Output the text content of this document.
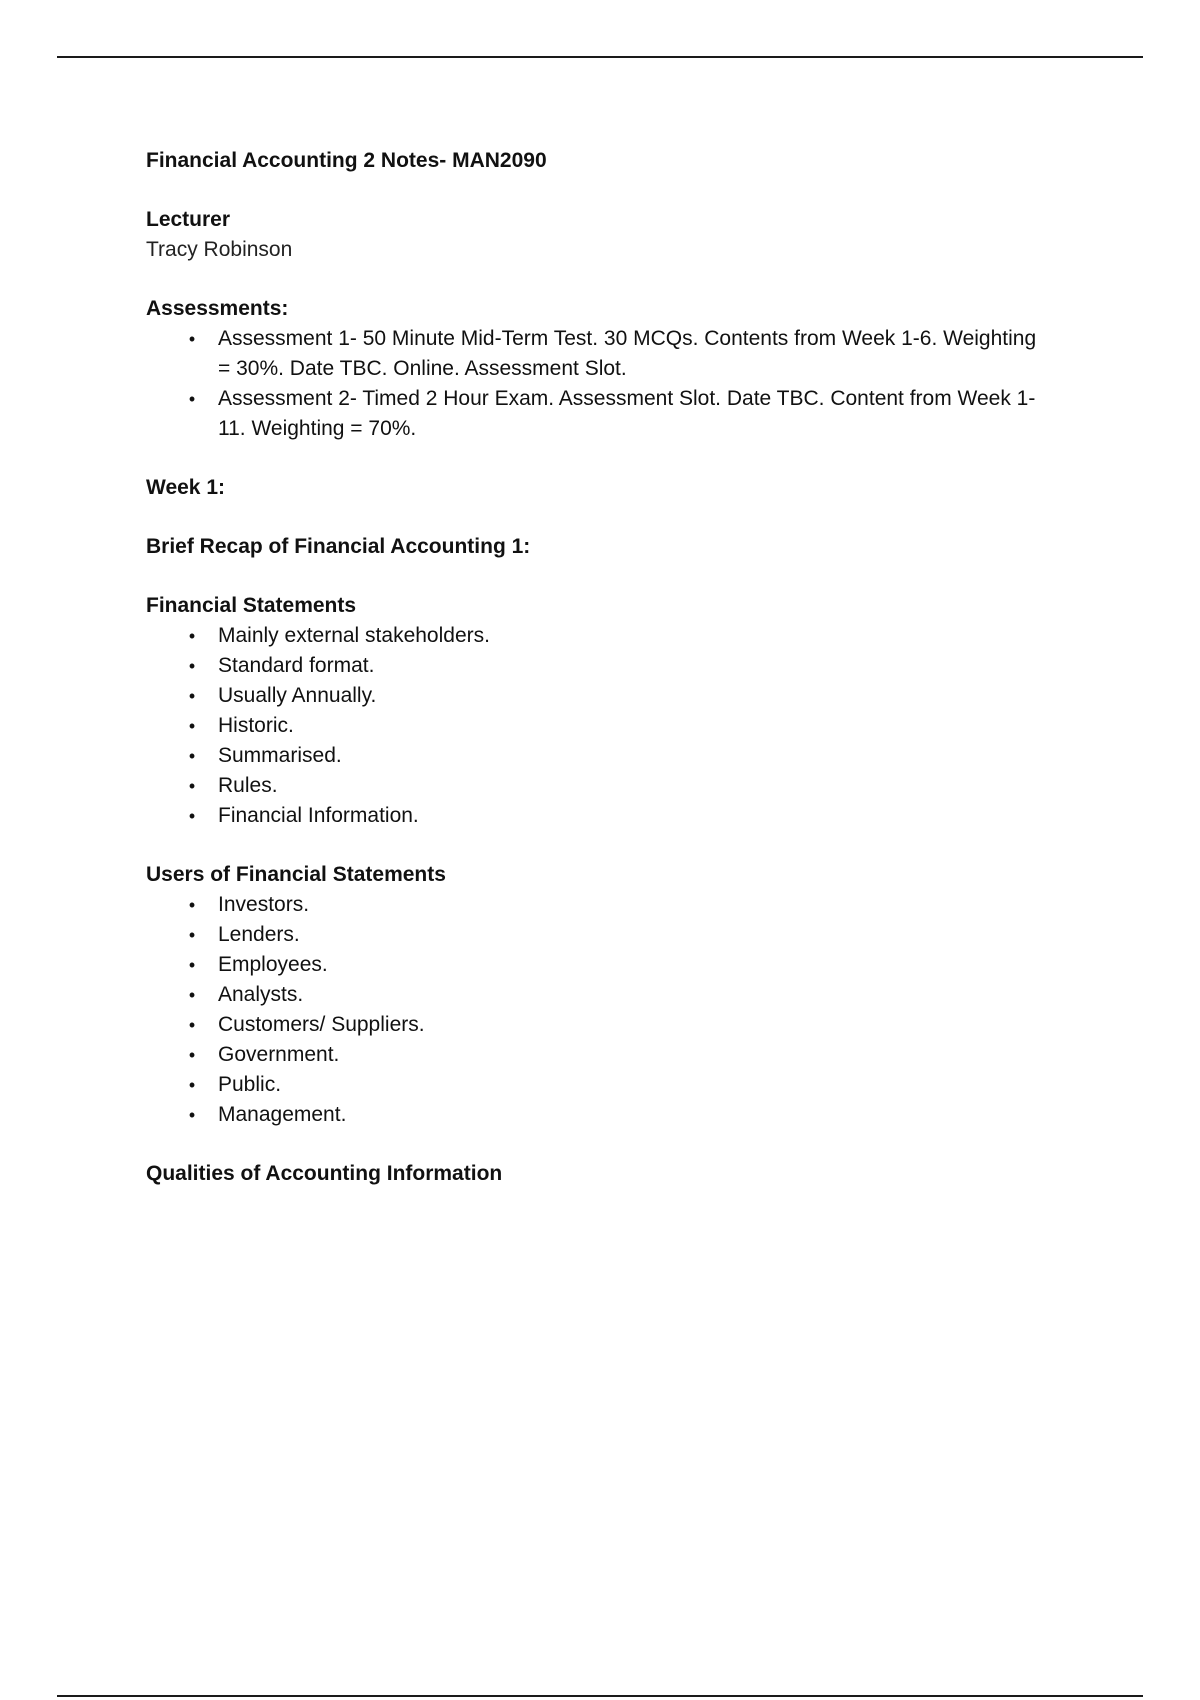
Financial Accounting 2 Notes- MAN2090

Lecturer

Tracy Robinson

Assessments:

•	Assessment 1- 50 Minute Mid-Term Test. 30 MCQs. Contents from Week 1-6. Weighting = 30%. Date TBC. Online. Assessment Slot.
•	Assessment 2- Timed 2 Hour Exam. Assessment Slot. Date TBC. Content from Week 1-11. Weighting = 70%.

Week 1:

Brief Recap of Financial Accounting 1:

Financial Statements

•	Mainly external stakeholders.
•	Standard format.
•	Usually Annually.
•	Historic.
•	Summarised.
•	Rules.
•	Financial Information.

Users of Financial Statements

•	Investors.
•	Lenders.
•	Employees.
•	Analysts.
•	Customers/ Suppliers.
•	Government.
•	Public.
•	Management.

Qualities of Accounting Information
